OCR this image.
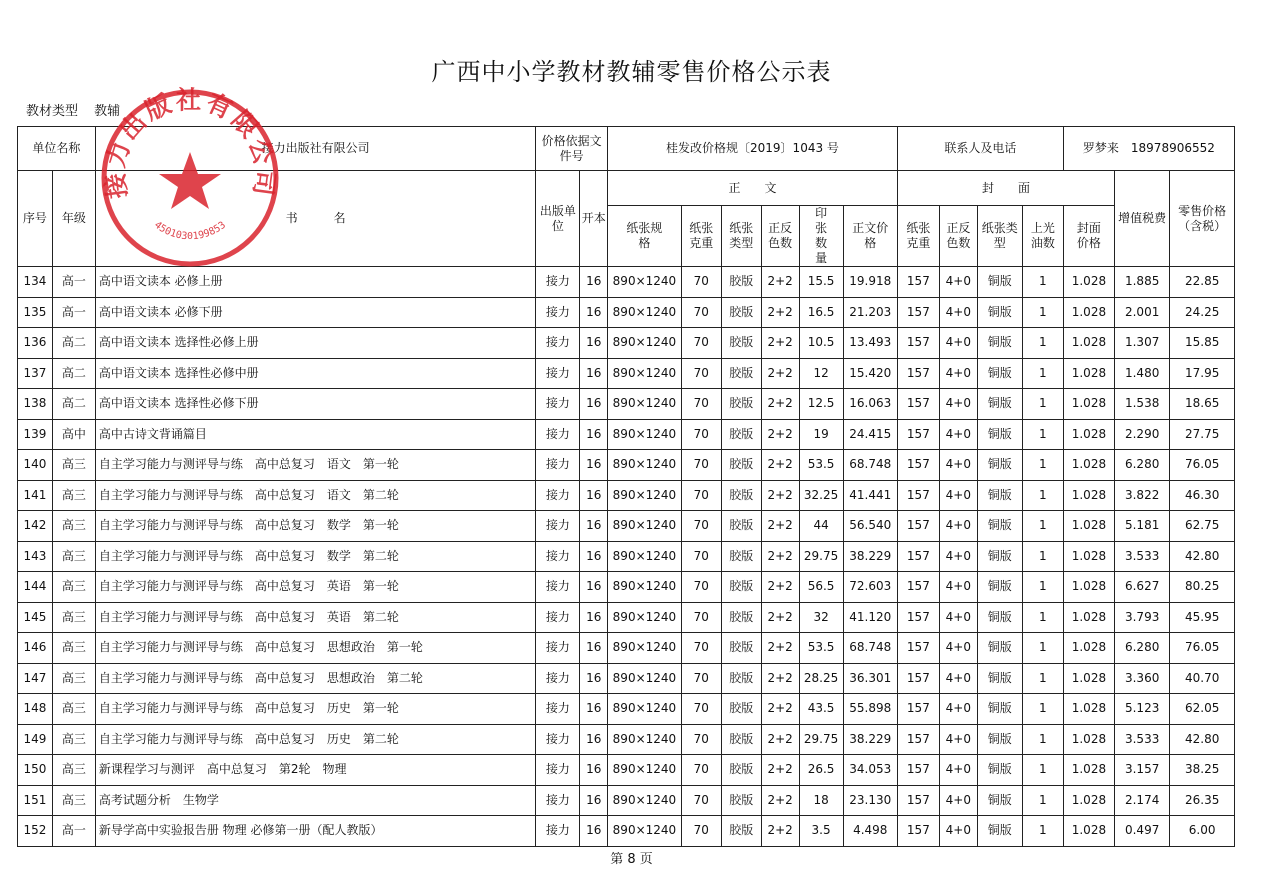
广西中小学教材教辅零售价格公示表
教材类型 教辅
单位名称		接力出版社有限公司	价格依据文件号		桂发改价格规〔2019〕1043 号						联系人及电话				罗梦来　18978906552		
序号	年级	书　　　名	出版单位	开本	正　　文						封　　面					增值税费	零售价格（含税）
					纸张规格	纸张克重	纸张类型	正反色数	印张数量	正文价格	纸张克重	正反色数	纸张类型	上光油数	封面价格		
134	高一	高中语文读本 必修上册	接力	16	890×1240	70	胶版	2+2	15.5	19.918	157	4+0	铜版	1	1.028	1.885	22.85
135	高一	高中语文读本 必修下册	接力	16	890×1240	70	胶版	2+2	16.5	21.203	157	4+0	铜版	1	1.028	2.001	24.25
136	高二	高中语文读本 选择性必修上册	接力	16	890×1240	70	胶版	2+2	10.5	13.493	157	4+0	铜版	1	1.028	1.307	15.85
137	高二	高中语文读本 选择性必修中册	接力	16	890×1240	70	胶版	2+2	12	15.420	157	4+0	铜版	1	1.028	1.480	17.95
138	高二	高中语文读本 选择性必修下册	接力	16	890×1240	70	胶版	2+2	12.5	16.063	157	4+0	铜版	1	1.028	1.538	18.65
139	高中	高中古诗文背诵篇目	接力	16	890×1240	70	胶版	2+2	19	24.415	157	4+0	铜版	1	1.028	2.290	27.75
140	高三	自主学习能力与测评导与练　高中总复习　语文　第一轮	接力	16	890×1240	70	胶版	2+2	53.5	68.748	157	4+0	铜版	1	1.028	6.280	76.05
141	高三	自主学习能力与测评导与练　高中总复习　语文　第二轮	接力	16	890×1240	70	胶版	2+2	32.25	41.441	157	4+0	铜版	1	1.028	3.822	46.30
142	高三	自主学习能力与测评导与练　高中总复习　数学　第一轮	接力	16	890×1240	70	胶版	2+2	44	56.540	157	4+0	铜版	1	1.028	5.181	62.75
143	高三	自主学习能力与测评导与练　高中总复习　数学　第二轮	接力	16	890×1240	70	胶版	2+2	29.75	38.229	157	4+0	铜版	1	1.028	3.533	42.80
144	高三	自主学习能力与测评导与练　高中总复习　英语　第一轮	接力	16	890×1240	70	胶版	2+2	56.5	72.603	157	4+0	铜版	1	1.028	6.627	80.25
145	高三	自主学习能力与测评导与练　高中总复习　英语　第二轮	接力	16	890×1240	70	胶版	2+2	32	41.120	157	4+0	铜版	1	1.028	3.793	45.95
146	高三	自主学习能力与测评导与练　高中总复习　思想政治　第一轮	接力	16	890×1240	70	胶版	2+2	53.5	68.748	157	4+0	铜版	1	1.028	6.280	76.05
147	高三	自主学习能力与测评导与练　高中总复习　思想政治　第二轮	接力	16	890×1240	70	胶版	2+2	28.25	36.301	157	4+0	铜版	1	1.028	3.360	40.70
148	高三	自主学习能力与测评导与练　高中总复习　历史　第一轮	接力	16	890×1240	70	胶版	2+2	43.5	55.898	157	4+0	铜版	1	1.028	5.123	62.05
149	高三	自主学习能力与测评导与练　高中总复习　历史　第二轮	接力	16	890×1240	70	胶版	2+2	29.75	38.229	157	4+0	铜版	1	1.028	3.533	42.80
150	高三	新课程学习与测评　高中总复习　第2轮　物理	接力	16	890×1240	70	胶版	2+2	26.5	34.053	157	4+0	铜版	1	1.028	3.157	38.25
151	高三	高考试题分析　生物学	接力	16	890×1240	70	胶版	2+2	18	23.130	157	4+0	铜版	1	1.028	2.174	26.35
152	高一	新导学高中实验报告册 物理 必修第一册（配人教版）	接力	16	890×1240	70	胶版	2+2	3.5	4.498	157	4+0	铜版	1	1.028	0.497	6.00
接力出版社有限公司
4501030199853
第 8 页
